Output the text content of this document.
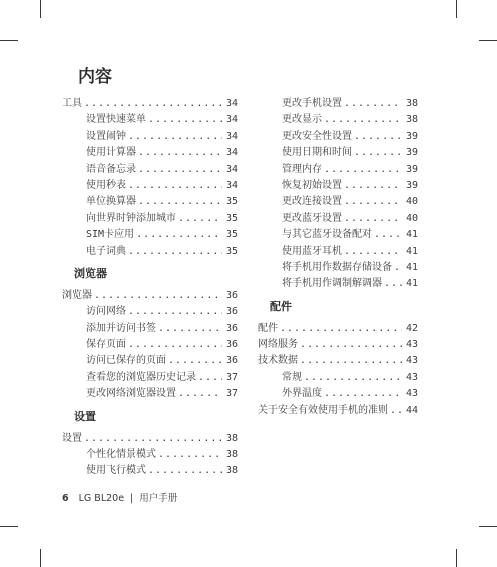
内容
工具 .....	34
设置快速菜单 .....	34
设置闹钟 .....	34
使用计算器 .....	34
语音备忘录 .....	34
使用秒表 .....	34
单位换算器 .....	35
向世界时钟添加城市 .....	35
SIM卡应用 .....	35
电子词典 .....	35
浏览器
浏览器 .....	36
访问网络 .....	36
添加并访问书签 .....	36
保存页面 .....	36
访问已保存的页面 .....	36
查看您的浏览器历史记录 .....	37
更改网络浏览器设置 .....	37
设置
设置 .....	38
个性化情景模式 .....	38
使用飞行模式 .....	38
更改手机设置 .....	38
更改显示 .....	38
更改安全性设置 .....	39
使用日期和时间 .....	39
管理内存 .....	39
恢复初始设置 .....	39
更改连接设置 .....	40
更改蓝牙设置 .....	40
与其它蓝牙设备配对 .....	41
使用蓝牙耳机 .....	41
将手机用作数据存储设备 ..... 41
将手机用作调制解调器 ..... 41
配件
配件 .....	42
网络服务 .....	43
技术数据 .....	43
常规 .....	43
外界温度 .....	43
关于安全有效使用手机的准则 ..... 44
6 LG BL20e | 用户手册
